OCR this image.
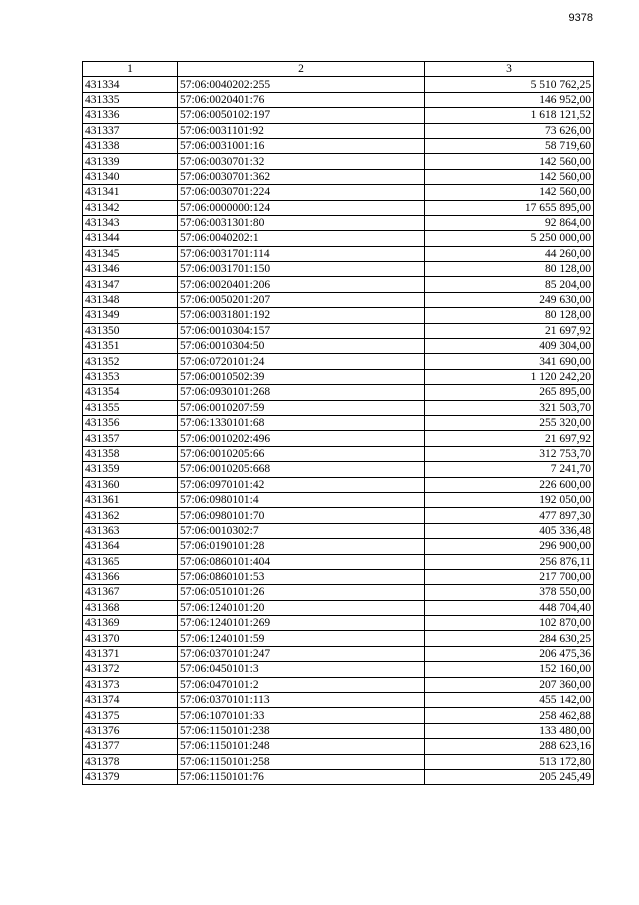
9378
1	2	3
431334	57:06:0040202:255	5 510 762,25
431335	57:06:0020401:76	146 952,00
431336	57:06:0050102:197	1 618 121,52
431337	57:06:0031101:92	73 626,00
431338	57:06:0031001:16	58 719,60
431339	57:06:0030701:32	142 560,00
431340	57:06:0030701:362	142 560,00
431341	57:06:0030701:224	142 560,00
431342	57:06:0000000:124	17 655 895,00
431343	57:06:0031301:80	92 864,00
431344	57:06:0040202:1	5 250 000,00
431345	57:06:0031701:114	44 260,00
431346	57:06:0031701:150	80 128,00
431347	57:06:0020401:206	85 204,00
431348	57:06:0050201:207	249 630,00
431349	57:06:0031801:192	80 128,00
431350	57:06:0010304:157	21 697,92
431351	57:06:0010304:50	409 304,00
431352	57:06:0720101:24	341 690,00
431353	57:06:0010502:39	1 120 242,20
431354	57:06:0930101:268	265 895,00
431355	57:06:0010207:59	321 503,70
431356	57:06:1330101:68	255 320,00
431357	57:06:0010202:496	21 697,92
431358	57:06:0010205:66	312 753,70
431359	57:06:0010205:668	7 241,70
431360	57:06:0970101:42	226 600,00
431361	57:06:0980101:4	192 050,00
431362	57:06:0980101:70	477 897,30
431363	57:06:0010302:7	405 336,48
431364	57:06:0190101:28	296 900,00
431365	57:06:0860101:404	256 876,11
431366	57:06:0860101:53	217 700,00
431367	57:06:0510101:26	378 550,00
431368	57:06:1240101:20	448 704,40
431369	57:06:1240101:269	102 870,00
431370	57:06:1240101:59	284 630,25
431371	57:06:0370101:247	206 475,36
431372	57:06:0450101:3	152 160,00
431373	57:06:0470101:2	207 360,00
431374	57:06:0370101:113	455 142,00
431375	57:06:1070101:33	258 462,88
431376	57:06:1150101:238	133 480,00
431377	57:06:1150101:248	288 623,16
431378	57:06:1150101:258	513 172,80
431379	57:06:1150101:76	205 245,49
